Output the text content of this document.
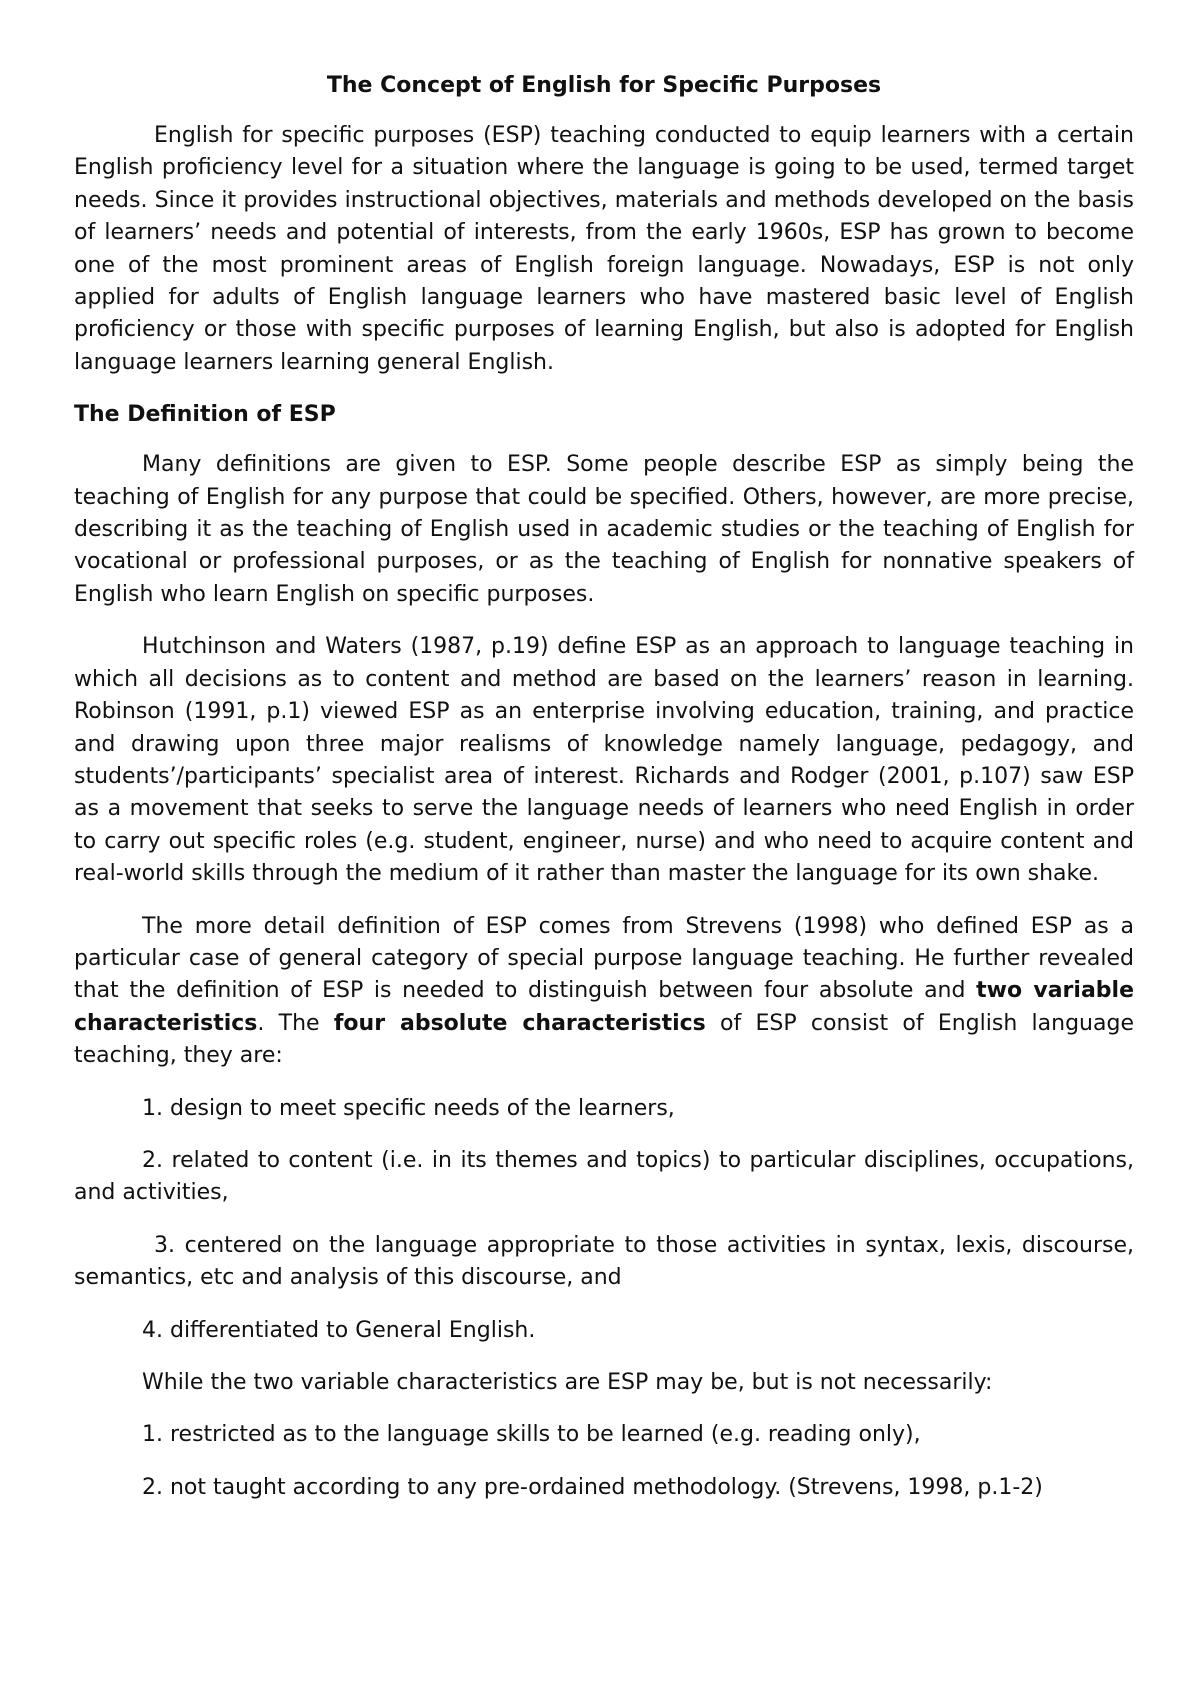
The Concept of English for Specific Purposes

English for specific purposes (ESP) teaching conducted to equip learners with a certain English proficiency level for a situation where the language is going to be used, termed target needs. Since it provides instructional objectives, materials and methods developed on the basis of learners’ needs and potential of interests, from the early 1960s, ESP has grown to become one of the most prominent areas of English foreign language. Nowadays, ESP is not only applied for adults of English language learners who have mastered basic level of English proficiency or those with specific purposes of learning English, but also is adopted for English language learners learning general English.

The Definition of ESP

Many definitions are given to ESP. Some people describe ESP as simply being the teaching of English for any purpose that could be specified. Others, however, are more precise, describing it as the teaching of English used in academic studies or the teaching of English for vocational or professional purposes, or as the teaching of English for nonnative speakers of English who learn English on specific purposes.

Hutchinson and Waters (1987, p.19) define ESP as an approach to language teaching in which all decisions as to content and method are based on the learners’ reason in learning. Robinson (1991, p.1) viewed ESP as an enterprise involving education, training, and practice and drawing upon three major realisms of knowledge namely language, pedagogy, and students’/participants’ specialist area of interest. Richards and Rodger (2001, p.107) saw ESP as a movement that seeks to serve the language needs of learners who need English in order to carry out specific roles (e.g. student, engineer, nurse) and who need to acquire content and real-world skills through the medium of it rather than master the language for its own shake.

The more detail definition of ESP comes from Strevens (1998) who defined ESP as a particular case of general category of special purpose language teaching. He further revealed that the definition of ESP is needed to distinguish between four absolute and two variable characteristics. The four absolute characteristics of ESP consist of English language teaching, they are:

1. design to meet specific needs of the learners,

2. related to content (i.e. in its themes and topics) to particular disciplines, occupations, and activities,

3. centered on the language appropriate to those activities in syntax, lexis, discourse, semantics, etc and analysis of this discourse, and

4. differentiated to General English.

While the two variable characteristics are ESP may be, but is not necessarily:

1. restricted as to the language skills to be learned (e.g. reading only),

2. not taught according to any pre-ordained methodology. (Strevens, 1998, p.1-2)
